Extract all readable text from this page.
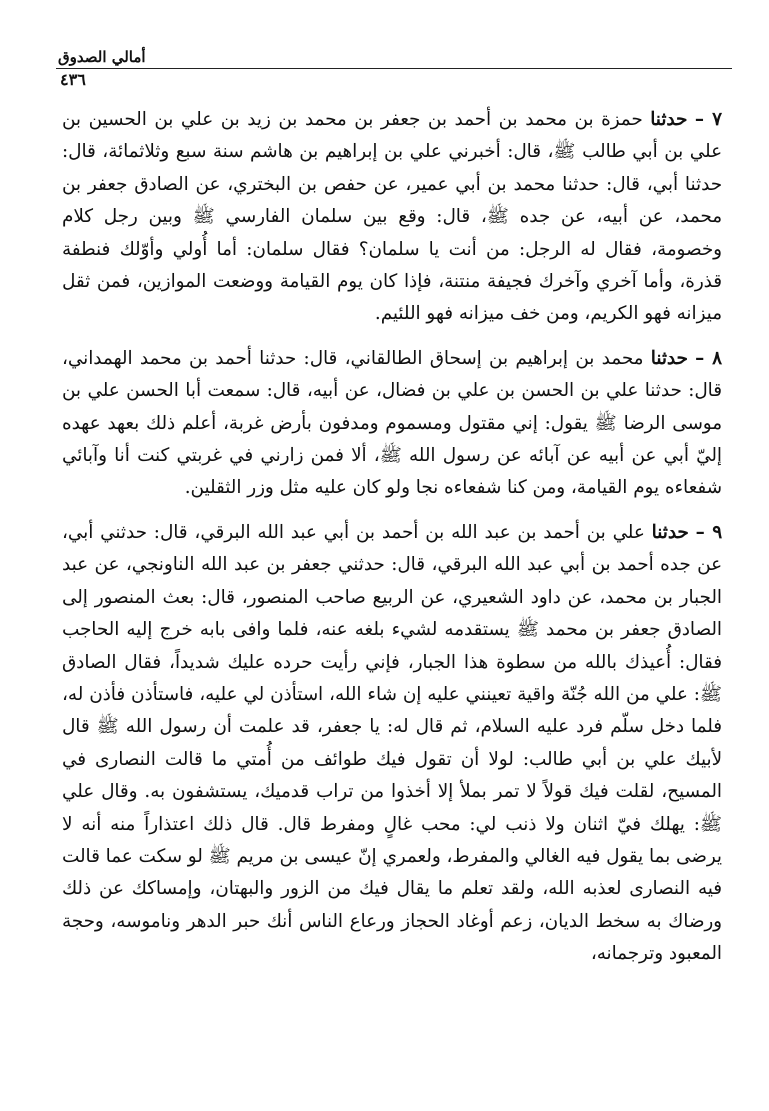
أمالي الصدوق
٤٣٦

٧ – حدثنا حمزة بن محمد بن أحمد بن جعفر بن محمد بن زيد بن علي بن الحسين بن علي بن أبي طالب ﷺ، قال: أخبرني علي بن إبراهيم بن هاشم سنة سبع وثلاثمائة، قال: حدثنا أبي، قال: حدثنا محمد بن أبي عمير، عن حفص بن البختري، عن الصادق جعفر بن محمد، عن أبيه، عن جده ﷺ، قال: وقع بين سلمان الفارسي ﷺ وبين رجل كلام وخصومة، فقال له الرجل: من أنت يا سلمان؟ فقال سلمان: أما أُولي وأوّلك فنطفة قذرة، وأما آخري وآخرك فجيفة منتنة، فإذا كان يوم القيامة ووضعت الموازين، فمن ثقل ميزانه فهو الكريم، ومن خف ميزانه فهو اللئيم.

٨ – حدثنا محمد بن إبراهيم بن إسحاق الطالقاني، قال: حدثنا أحمد بن محمد الهمداني، قال: حدثنا علي بن الحسن بن علي بن فضال، عن أبيه، قال: سمعت أبا الحسن علي بن موسى الرضا ﷺ يقول: إني مقتول ومسموم ومدفون بأرض غربة، أعلم ذلك بعهد عهده إليّ أبي عن أبيه عن آبائه عن رسول الله ﷺ، ألا فمن زارني في غربتي كنت أنا وآبائي شفعاءه يوم القيامة، ومن كنا شفعاءه نجا ولو كان عليه مثل وزر الثقلين.

٩ – حدثنا علي بن أحمد بن عبد الله بن أحمد بن أبي عبد الله البرقي، قال: حدثني أبي، عن جده أحمد بن أبي عبد الله البرقي، قال: حدثني جعفر بن عبد الله الناونجي، عن عبد الجبار بن محمد، عن داود الشعيري، عن الربيع صاحب المنصور، قال: بعث المنصور إلى الصادق جعفر بن محمد ﷺ يستقدمه لشيء بلغه عنه، فلما وافى بابه خرج إليه الحاجب فقال: أُعيذك بالله من سطوة هذا الجبار، فإني رأيت حرده عليك شديداً، فقال الصادق ﷺ: علي من الله جُنّة واقية تعينني عليه إن شاء الله، استأذن لي عليه، فاستأذن فأذن له، فلما دخل سلّم فرد عليه السلام، ثم قال له: يا جعفر، قد علمت أن رسول الله ﷺ قال لأبيك علي بن أبي طالب: لولا أن تقول فيك طوائف من أُمتي ما قالت النصارى في المسيح، لقلت فيك قولاً لا تمر بملأ إلا أخذوا من تراب قدميك، يستشفون به. وقال علي ﷺ: يهلك فيّ اثنان ولا ذنب لي: محب غالٍ ومفرط قال. قال ذلك اعتذاراً منه أنه لا يرضى بما يقول فيه الغالي والمفرط، ولعمري إنّ عيسى بن مريم ﷺ لو سكت عما قالت فيه النصارى لعذبه الله، ولقد تعلم ما يقال فيك من الزور والبهتان، وإمساكك عن ذلك ورضاك به سخط الديان، زعم أوغاد الحجاز ورعاع الناس أنك حبر الدهر وناموسه، وحجة المعبود وترجمانه،
